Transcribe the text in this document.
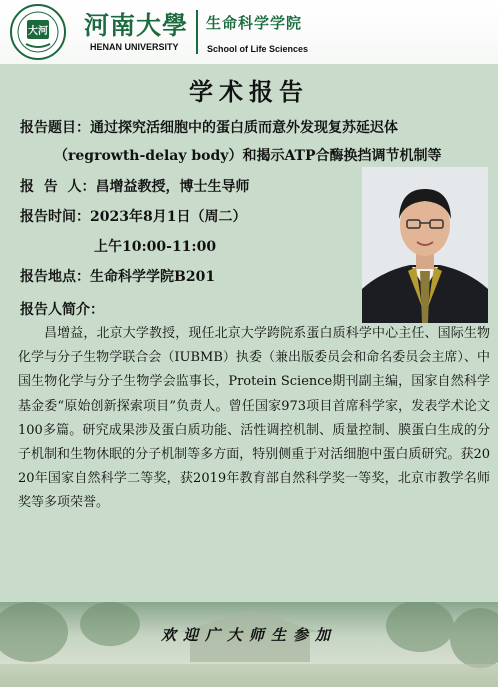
大河 河南大學
HENAN UNIVERSITY
生命科学学院
School of Life Sciences
学术报告
报告题目：通过探究活细胞中的蛋白质而意外发现复苏延迟体
（regrowth-delay body）和揭示ATP合酶换挡调节机制等
报  告  人：昌增益教授，博士生导师
报告时间：2023年8月1日（周二）
上午10:00-11:00
报告地点：生命科学学院B201
报告人简介：
昌增益，北京大学教授，现任北京大学跨院系蛋白质科学中心主任、国际生物化学与分子生物学联合会（IUBMB）执委（兼出版委员会和命名委员会主席）、中国生物化学与分子生物学会监事长，Protein Science期刊副主编，国家自然科学基金委“原始创新探索项目”负责人。曾任国家973项目首席科学家，发表学术论文100多篇。研究成果涉及蛋白质功能、活性调控机制、质量控制、膜蛋白生成的分子机制和生物休眠的分子机制等多方面，特别侧重于对活细胞中蛋白质研究。获2020年国家自然科学二等奖，获2019年教育部自然科学奖一等奖，北京市教学名师奖等多项荣誉。
欢迎广大师生参加
